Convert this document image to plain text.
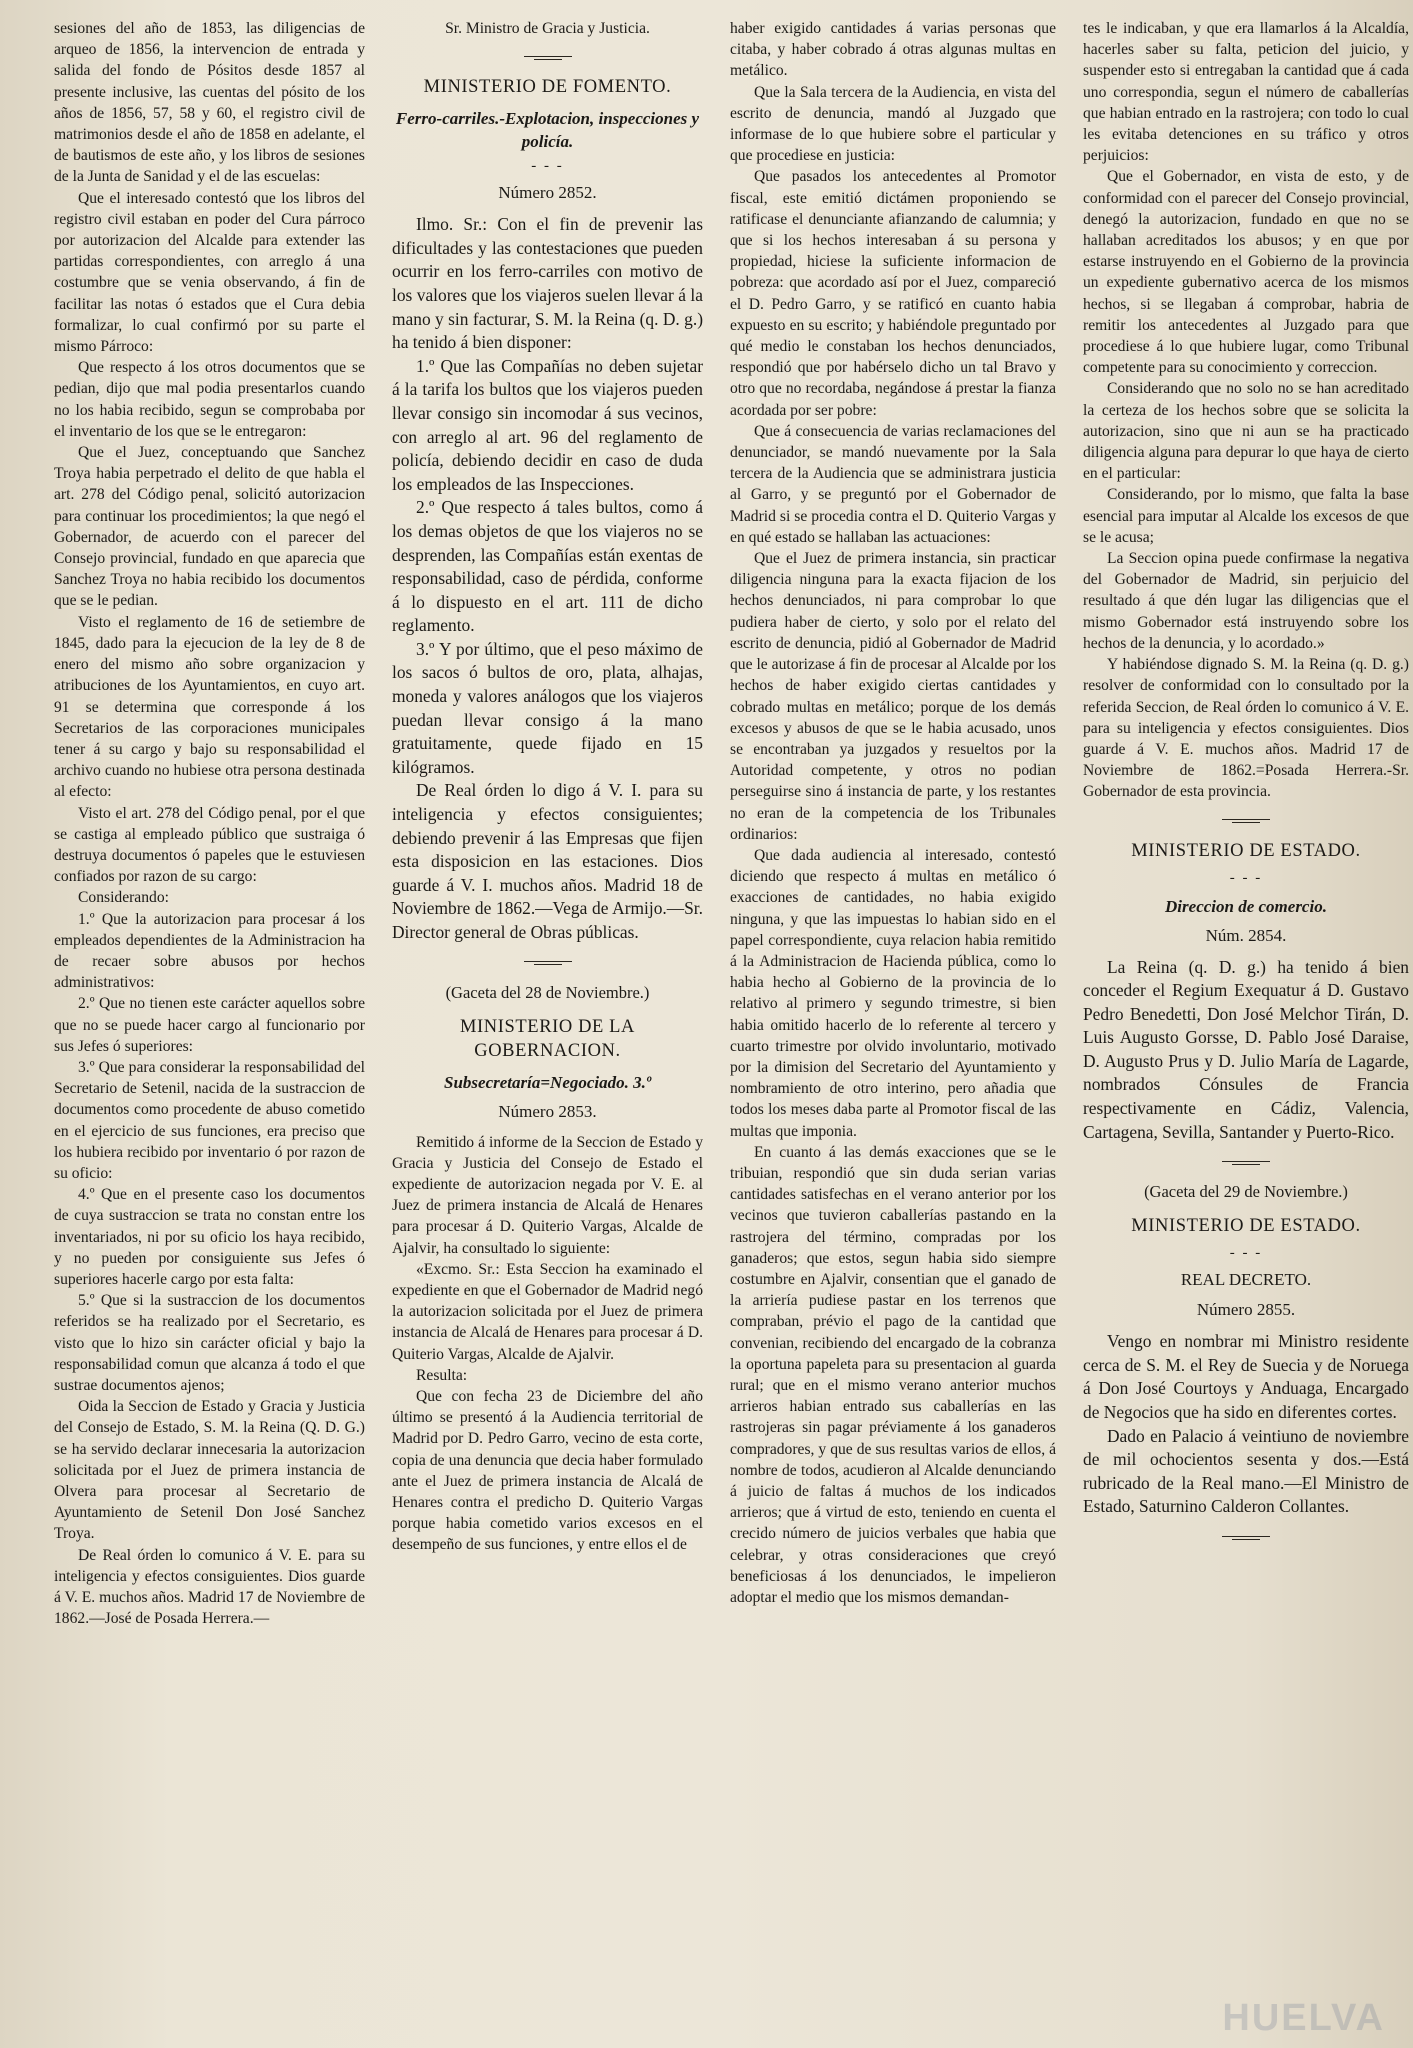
sesiones del año de 1853, las diligencias de arqueo de 1856, la intervencion de entrada y salida del fondo de Pósitos desde 1857 al presente inclusive, las cuentas del pósito de los años de 1856, 57, 58 y 60, el registro civil de matrimonios desde el año de 1858 en adelante, el de bautismos de este año, y los libros de sesiones de la Junta de Sanidad y el de las escuelas:

Que el interesado contestó que los libros del registro civil estaban en poder del Cura párroco por autorizacion del Alcalde para extender las partidas correspondientes, con arreglo á una costumbre que se venia observando, á fin de facilitar las notas ó estados que el Cura debia formalizar, lo cual confirmó por su parte el mismo Párroco:

Que respecto á los otros documentos que se pedian, dijo que mal podia presentarlos cuando no los habia recibido, segun se comprobaba por el inventario de los que se le entregaron:

Que el Juez, conceptuando que Sanchez Troya habia perpetrado el delito de que habla el art. 278 del Código penal, solicitó autorizacion para continuar los procedimientos; la que negó el Gobernador, de acuerdo con el parecer del Consejo provincial, fundado en que aparecia que Sanchez Troya no habia recibido los documentos que se le pedian.

Visto el reglamento de 16 de setiembre de 1845, dado para la ejecucion de la ley de 8 de enero del mismo año sobre organizacion y atribuciones de los Ayuntamientos, en cuyo art. 91 se determina que corresponde á los Secretarios de las corporaciones municipales tener á su cargo y bajo su responsabilidad el archivo cuando no hubiese otra persona destinada al efecto:

Visto el art. 278 del Código penal, por el que se castiga al empleado público que sustraiga ó destruya documentos ó papeles que le estuviesen confiados por razon de su cargo:

Considerando:

1.º Que la autorizacion para procesar á los empleados dependientes de la Administracion ha de recaer sobre abusos por hechos administrativos:

2.º Que no tienen este carácter aquellos sobre que no se puede hacer cargo al funcionario por sus Jefes ó superiores:

3.º Que para considerar la responsabilidad del Secretario de Setenil, nacida de la sustraccion de documentos como procedente de abuso cometido en el ejercicio de sus funciones, era preciso que los hubiera recibido por inventario ó por razon de su oficio:

4.º Que en el presente caso los documentos de cuya sustraccion se trata no constan entre los inventariados, ni por su oficio los haya recibido, y no pueden por consiguiente sus Jefes ó superiores hacerle cargo por esta falta:

5.º Que si la sustraccion de los documentos referidos se ha realizado por el Secretario, es visto que lo hizo sin carácter oficial y bajo la responsabilidad comun que alcanza á todo el que sustrae documentos ajenos;

Oida la Seccion de Estado y Gracia y Justicia del Consejo de Estado, S. M. la Reina (Q. D. G.) se ha servido declarar innecesaria la autorizacion solicitada por el Juez de primera instancia de Olvera para procesar al Secretario de Ayuntamiento de Setenil Don José Sanchez Troya.

De Real órden lo comunico á V. E. para su inteligencia y efectos consiguientes. Dios guarde á V. E. muchos años. Madrid 17 de Noviembre de 1862.—José de Posada Herrera.—

Sr. Ministro de Gracia y Justicia.

MINISTERIO DE FOMENTO.
Ferro-carriles.-Explotacion, inspecciones y policía.
- - -
Número 2852.

Ilmo. Sr.: Con el fin de prevenir las dificultades y las contestaciones que pueden ocurrir en los ferro-carriles con motivo de los valores que los viajeros suelen llevar á la mano y sin facturar, S. M. la Reina (q. D. g.) ha tenido á bien disponer:

1.º Que las Compañías no deben sujetar á la tarifa los bultos que los viajeros pueden llevar consigo sin incomodar á sus vecinos, con arreglo al art. 96 del reglamento de policía, debiendo decidir en caso de duda los empleados de las Inspecciones.

2.º Que respecto á tales bultos, como á los demas objetos de que los viajeros no se desprenden, las Compañías están exentas de responsabilidad, caso de pérdida, conforme á lo dispuesto en el art. 111 de dicho reglamento.

3.º Y por último, que el peso máximo de los sacos ó bultos de oro, plata, alhajas, moneda y valores análogos que los viajeros puedan llevar consigo á la mano gratuitamente, quede fijado en 15 kilógramos.

De Real órden lo digo á V. I. para su inteligencia y efectos consiguientes; debiendo prevenir á las Empresas que fijen esta disposicion en las estaciones. Dios guarde á V. I. muchos años. Madrid 18 de Noviembre de 1862.—Vega de Armijo.—Sr. Director general de Obras públicas.

(Gaceta del 28 de Noviembre.)
MINISTERIO DE LA GOBERNACION.
Subsecretaría=Negociado. 3.º
Número 2853.

Remitido á informe de la Seccion de Estado y Gracia y Justicia del Consejo de Estado el expediente de autorizacion negada por V. E. al Juez de primera instancia de Alcalá de Henares para procesar á D. Quiterio Vargas, Alcalde de Ajalvir, ha consultado lo siguiente:

«Excmo. Sr.: Esta Seccion ha examinado el expediente en que el Gobernador de Madrid negó la autorizacion solicitada por el Juez de primera instancia de Alcalá de Henares para procesar á D. Quiterio Vargas, Alcalde de Ajalvir.

Resulta:

Que con fecha 23 de Diciembre del año último se presentó á la Audiencia territorial de Madrid por D. Pedro Garro, vecino de esta corte, copia de una denuncia que decia haber formulado ante el Juez de primera instancia de Alcalá de Henares contra el predicho D. Quiterio Vargas porque habia cometido varios excesos en el desempeño de sus funciones, y entre ellos el de

haber exigido cantidades á varias personas que citaba, y haber cobrado á otras algunas multas en metálico.

Que la Sala tercera de la Audiencia, en vista del escrito de denuncia, mandó al Juzgado que informase de lo que hubiere sobre el particular y que procediese en justicia:

Que pasados los antecedentes al Promotor fiscal, este emitió dictámen proponiendo se ratificase el denunciante afianzando de calumnia; y que si los hechos interesaban á su persona y propiedad, hiciese la suficiente informacion de pobreza: que acordado así por el Juez, compareció el D. Pedro Garro, y se ratificó en cuanto habia expuesto en su escrito; y habiéndole preguntado por qué medio le constaban los hechos denunciados, respondió que por habérselo dicho un tal Bravo y otro que no recordaba, negándose á prestar la fianza acordada por ser pobre:

Que á consecuencia de varias reclamaciones del denunciador, se mandó nuevamente por la Sala tercera de la Audiencia que se administrara justicia al Garro, y se preguntó por el Gobernador de Madrid si se procedia contra el D. Quiterio Vargas y en qué estado se hallaban las actuaciones:

Que el Juez de primera instancia, sin practicar diligencia ninguna para la exacta fijacion de los hechos denunciados, ni para comprobar lo que pudiera haber de cierto, y solo por el relato del escrito de denuncia, pidió al Gobernador de Madrid que le autorizase á fin de procesar al Alcalde por los hechos de haber exigido ciertas cantidades y cobrado multas en metálico; porque de los demás excesos y abusos de que se le habia acusado, unos se encontraban ya juzgados y resueltos por la Autoridad competente, y otros no podian perseguirse sino á instancia de parte, y los restantes no eran de la competencia de los Tribunales ordinarios:

Que dada audiencia al interesado, contestó diciendo que respecto á multas en metálico ó exacciones de cantidades, no habia exigido ninguna, y que las impuestas lo habian sido en el papel correspondiente, cuya relacion habia remitido á la Administracion de Hacienda pública, como lo habia hecho al Gobierno de la provincia de lo relativo al primero y segundo trimestre, si bien habia omitido hacerlo de lo referente al tercero y cuarto trimestre por olvido involuntario, motivado por la dimision del Secretario del Ayuntamiento y nombramiento de otro interino, pero añadia que todos los meses daba parte al Promotor fiscal de las multas que imponia.

En cuanto á las demás exacciones que se le tribuian, respondió que sin duda serian varias cantidades satisfechas en el verano anterior por los vecinos que tuvieron caballerías pastando en la rastrojera del término, compradas por los ganaderos; que estos, segun habia sido siempre costumbre en Ajalvir, consentian que el ganado de la arriería pudiese pastar en los terrenos que compraban, prévio el pago de la cantidad que convenian, recibiendo del encargado de la cobranza la oportuna papeleta para su presentacion al guarda rural; que en el mismo verano anterior muchos arrieros habian entrado sus caballerías en las rastrojeras sin pagar préviamente á los ganaderos compradores, y que de sus resultas varios de ellos, á nombre de todos, acudieron al Alcalde denunciando á juicio de faltas á muchos de los indicados arrieros; que á virtud de esto, teniendo en cuenta el crecido número de juicios verbales que habia que celebrar, y otras consideraciones que creyó beneficiosas á los denunciados, le impelieron adoptar el medio que los mismos demandan-

tes le indicaban, y que era llamarlos á la Alcaldía, hacerles saber su falta, peticion del juicio, y suspender esto si entregaban la cantidad que á cada uno correspondia, segun el número de caballerías que habian entrado en la rastrojera; con todo lo cual les evitaba detenciones en su tráfico y otros perjuicios:

Que el Gobernador, en vista de esto, y de conformidad con el parecer del Consejo provincial, denegó la autorizacion, fundado en que no se hallaban acreditados los abusos; y en que por estarse instruyendo en el Gobierno de la provincia un expediente gubernativo acerca de los mismos hechos, si se llegaban á comprobar, habria de remitir los antecedentes al Juzgado para que procediese á lo que hubiere lugar, como Tribunal competente para su conocimiento y correccion.

Considerando que no solo no se han acreditado la certeza de los hechos sobre que se solicita la autorizacion, sino que ni aun se ha practicado diligencia alguna para depurar lo que haya de cierto en el particular:

Considerando, por lo mismo, que falta la base esencial para imputar al Alcalde los excesos de que se le acusa;

La Seccion opina puede confirmase la negativa del Gobernador de Madrid, sin perjuicio del resultado á que dén lugar las diligencias que el mismo Gobernador está instruyendo sobre los hechos de la denuncia, y lo acordado.»

Y habiéndose dignado S. M. la Reina (q. D. g.) resolver de conformidad con lo consultado por la referida Seccion, de Real órden lo comunico á V. E. para su inteligencia y efectos consiguientes. Dios guarde á V. E. muchos años. Madrid 17 de Noviembre de 1862.=Posada Herrera.-Sr. Gobernador de esta provincia.

MINISTERIO DE ESTADO.
- - -
Direccion de comercio.
Núm. 2854.

La Reina (q. D. g.) ha tenido á bien conceder el Regium Exequatur á D. Gustavo Pedro Benedetti, Don José Melchor Tirán, D. Luis Augusto Gorsse, D. Pablo José Daraise, D. Augusto Prus y D. Julio María de Lagarde, nombrados Cónsules de Francia respectivamente en Cádiz, Valencia, Cartagena, Sevilla, Santander y Puerto-Rico.

(Gaceta del 29 de Noviembre.)
MINISTERIO DE ESTADO.
- - -
REAL DECRETO.
Número 2855.

Vengo en nombrar mi Ministro residente cerca de S. M. el Rey de Suecia y de Noruega á Don José Courtoys y Anduaga, Encargado de Negocios que ha sido en diferentes cortes.

Dado en Palacio á veintiuno de noviembre de mil ochocientos sesenta y dos.—Está rubricado de la Real mano.—El Ministro de Estado, Saturnino Calderon Collantes.

HUELVA
